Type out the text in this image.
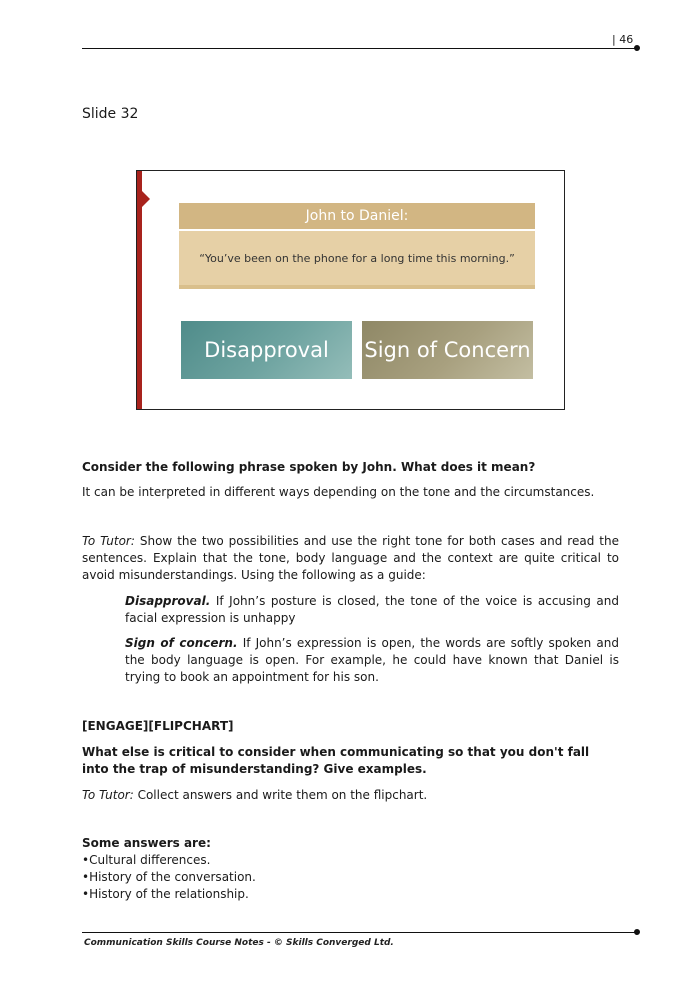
| 46
Slide 32
John to Daniel:
“You’ve been on the phone for a long time this morning.”
Disapproval	Sign of Concern
Consider the following phrase spoken by John. What does it mean?
It can be interpreted in different ways depending on the tone and the circumstances.
To Tutor: Show the two possibilities and use the right tone for both cases and read the sentences. Explain that the tone, body language and the context are quite critical to avoid misunderstandings. Using the following as a guide:
Disapproval. If John’s posture is closed, the tone of the voice is accusing and facial expression is unhappy
Sign of concern. If John’s expression is open, the words are softly spoken and the body language is open. For example, he could have known that Daniel is trying to book an appointment for his son.
[ENGAGE][FLIPCHART]
What else is critical to consider when communicating so that you don't fall into the trap of misunderstanding? Give examples.
To Tutor: Collect answers and write them on the flipchart.
Some answers are:
•Cultural differences.
•History of the conversation.
•History of the relationship.
Communication Skills Course Notes - © Skills Converged Ltd.
